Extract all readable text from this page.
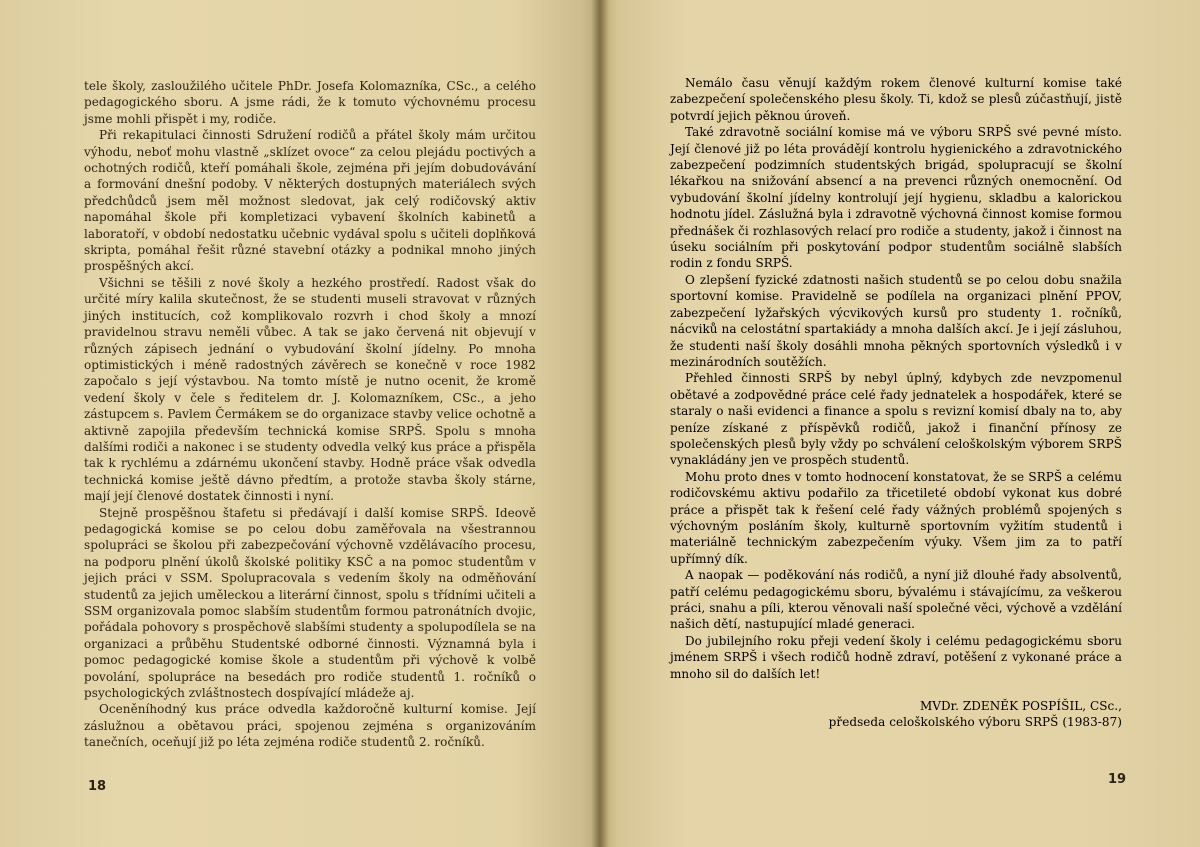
tele školy, zasloužilého učitele PhDr. Josefa Kolomazníka, CSc., a celého pedagogického sboru. A jsme rádi, že k tomuto výchovnému procesu jsme mohli přispět i my, rodiče.

Při rekapitulaci činnosti Sdružení rodičů a přátel školy mám určitou výhodu, neboť mohu vlastně „sklízet ovoce“ za celou plejádu poctivých a ochotných rodičů, kteří pomáhali škole, zejména při jejím dobudovávání a formování dnešní podoby. V některých dostupných materiálech svých předchůdců jsem měl možnost sledovat, jak celý rodičovský aktiv napomáhal škole při kompletizaci vybavení školních kabinetů a laboratoří, v období nedostatku učebnic vydával spolu s učiteli doplňková skripta, pomáhal řešit různé stavební otázky a podnikal mnoho jiných prospěšných akcí.

Všichni se těšili z nové školy a hezkého prostředí. Radost však do určité míry kalila skutečnost, že se studenti museli stravovat v různých jiných institucích, což komplikovalo rozvrh i chod školy a mnozí pravidelnou stravu neměli vůbec. A tak se jako červená nit objevují v různých zápisech jednání o vybudování školní jídelny. Po mnoha optimistických i méně radostných závěrech se konečně v roce 1982 započalo s její výstavbou. Na tomto místě je nutno ocenit, že kromě vedení školy v čele s ředitelem dr. J. Kolomazníkem, CSc., a jeho zástupcem s. Pavlem Čermákem se do organizace stavby velice ochotně a aktivně zapojila především technická komise SRPŠ. Spolu s mnoha dalšími rodiči a nakonec i se studenty odvedla velký kus práce a přispěla tak k rychlému a zdárnému ukončení stavby. Hodně práce však odvedla technická komise ještě dávno předtím, a protože stavba školy stárne, mají její členové dostatek činnosti i nyní.

Stejně prospěšnou štafetu si předávají i další komise SRPŠ. Ideově pedagogická komise se po celou dobu zaměřovala na všestrannou spolupráci se školou při zabezpečování výchovně vzdělávacího procesu, na podporu plnění úkolů školské politiky KSČ a na pomoc studentům v jejich práci v SSM. Spolupracovala s vedením školy na odměňování studentů za jejich uměleckou a literární činnost, spolu s třídními učiteli a SSM organizovala pomoc slabším studentům formou patronátních dvojic, pořádala pohovory s prospěchově slabšími studenty a spolupodílela se na organizaci a průběhu Studentské odborné činnosti. Významná byla i pomoc pedagogické komise škole a studentům při výchově k volbě povolání, spolupráce na besedách pro rodiče studentů 1. ročníků o psychologických zvláštnostech dospívající mládeže aj.

Oceněníhodný kus práce odvedla každoročně kulturní komise. Její záslužnou a obětavou práci, spojenou zejména s organizováním tanečních, oceňují již po léta zejména rodiče studentů 2. ročníků.

18

Nemálo času věnují každým rokem členové kulturní komise také zabezpečení společenského plesu školy. Ti, kdož se plesů zúčastňují, jistě potvrdí jejich pěknou úroveň.

Také zdravotně sociální komise má ve výboru SRPŠ své pevné místo. Její členové již po léta provádějí kontrolu hygienického a zdravotnického zabezpečení podzimních studentských brigád, spolupracují se školní lékařkou na snižování absencí a na prevenci různých onemocnění. Od vybudování školní jídelny kontrolují její hygienu, skladbu a kalorickou hodnotu jídel. Záslužná byla i zdravotně výchovná činnost komise formou přednášek či rozhlasových relací pro rodiče a studenty, jakož i činnost na úseku sociálním při poskytování podpor studentům sociálně slabších rodin z fondu SRPŠ.

O zlepšení fyzické zdatnosti našich studentů se po celou dobu snažila sportovní komise. Pravidelně se podílela na organizaci plnění PPOV, zabezpečení lyžařských výcvikových kursů pro studenty 1. ročníků, nácviků na celostátní spartakiády a mnoha dalších akcí. Je i její zásluhou, že studenti naší školy dosáhli mnoha pěkných sportovních výsledků i v mezinárodních soutěžích.

Přehled činnosti SRPŠ by nebyl úplný, kdybych zde nevzpomenul obětavé a zodpovědné práce celé řady jednatelek a hospodářek, které se staraly o naši evidenci a finance a spolu s revizní komisí dbaly na to, aby peníze získané z příspěvků rodičů, jakož i finanční přínosy ze společenských plesů byly vždy po schválení celoškolským výborem SRPŠ vynakládány jen ve prospěch studentů.

Mohu proto dnes v tomto hodnocení konstatovat, že se SRPŠ a celému rodičovskému aktivu podařilo za třicetileté období vykonat kus dobré práce a přispět tak k řešení celé řady vážných problémů spojených s výchovným posláním školy, kulturně sportovním vyžitím studentů i materiálně technickým zabezpečením výuky. Všem jim za to patří upřímný dík.

A naopak — poděkování nás rodičů, a nyní již dlouhé řady absolventů, patří celému pedagogickému sboru, bývalému i stávajícímu, za veškerou práci, snahu a píli, kterou věnovali naší společné věci, výchově a vzdělání našich dětí, nastupující mladé generaci.

Do jubilejního roku přeji vedení školy i celému pedagogickému sboru jménem SRPŠ i všech rodičů hodně zdraví, potěšení z vykonané práce a mnoho sil do dalších let!

MVDr. ZDENĚK POSPÍŠIL, CSc.,
předseda celoškolského výboru SRPŠ (1983-87)
19
